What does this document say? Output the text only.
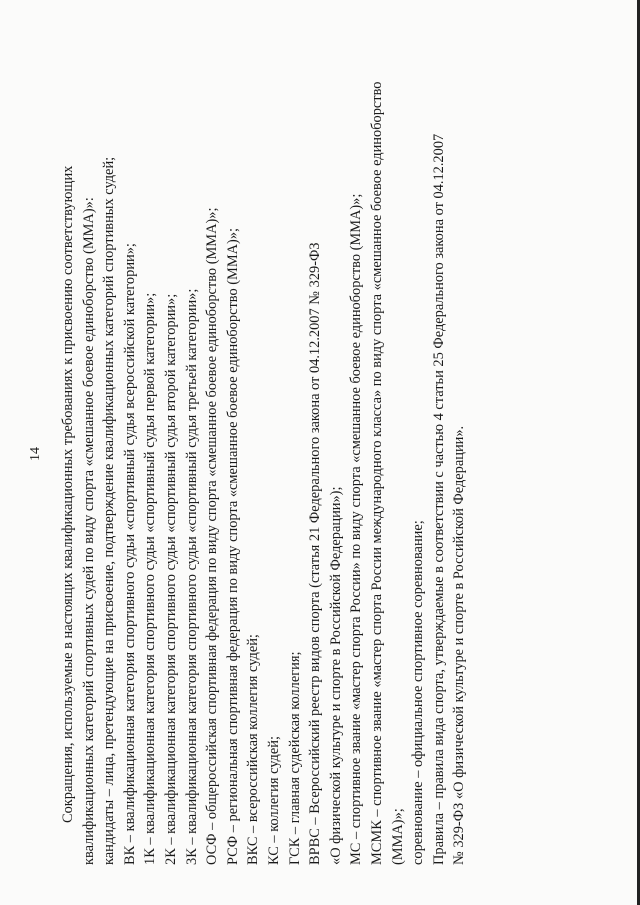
14 Сокращения, используемые в настоящих квалификационных требованиях к присвоению соответствующих квалификационных категорий спортивных судей по виду спорта «смешанное боевое единоборство (ММА)»: кандидаты – лица, претендующие на присвоение, подтверждение квалификационных категорий спортивных судей; ВК – квалификационная категория спортивного судьи «спортивный судья всероссийской категории»; 1К – квалификационная категория спортивного судьи «спортивный судья первой категории»; 2К – квалификационная категория спортивного судьи «спортивный судья второй категории»; 3К – квалификационная категория спортивного судьи «спортивный судья третьей категории»; ОСФ – общероссийская спортивная федерация по виду спорта «смешанное боевое единоборство (ММА)»; РСФ – региональная спортивная федерация по виду спорта «смешанное боевое единоборство (ММА)»; ВКС – всероссийская коллегия судей; КС – коллегия судей; ГСК – главная судейская коллегия; ВРВС – Всероссийский реестр видов спорта (статья 21 Федерального закона от 04.12.2007 № 329-ФЗ «О физической культуре и спорте в Российской Федерации»); МС – спортивное звание «мастер спорта России» по виду спорта «смешанное боевое единоборство (ММА)»; МСМК – спортивное звание «мастер спорта России международного класса» по виду спорта «смешанное боевое единоборство (ММА)»; соревнование – официальное спортивное соревнование; Правила – правила вида спорта, утверждаемые в соответствии с частью 4 статьи 25 Федерального закона от 04.12.2007 № 329-ФЗ «О физической культуре и спорте в Российской Федерации».
